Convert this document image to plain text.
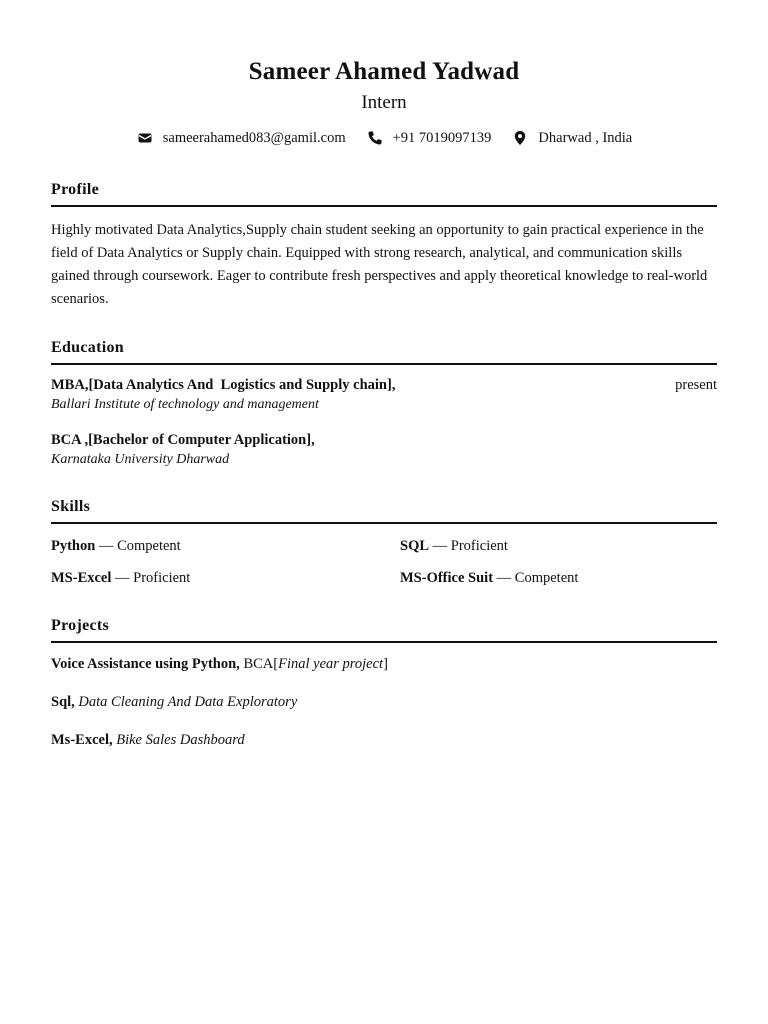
Sameer Ahamed Yadwad
Intern
sameerahamed083@gamil.com	+91 7019097139	Dharwad , India
Profile
Highly motivated Data Analytics,Supply chain student seeking an opportunity to gain practical experience in the field of Data Analytics or Supply chain. Equipped with strong research, analytical, and communication skills gained through coursework. Eager to contribute fresh perspectives and apply theoretical knowledge to real-world scenarios.
Education
MBA,[Data Analytics And  Logistics and Supply chain],	present
Ballari Institute of technology and management
BCA ,[Bachelor of Computer Application],
Karnataka University Dharwad
Skills
Python — Competent	SQL — Proficient
MS-Excel — Proficient	MS-Office Suit — Competent
Projects
Voice Assistance using Python, BCA[Final year project]
Sql, Data Cleaning And Data Exploratory
Ms-Excel, Bike Sales Dashboard
